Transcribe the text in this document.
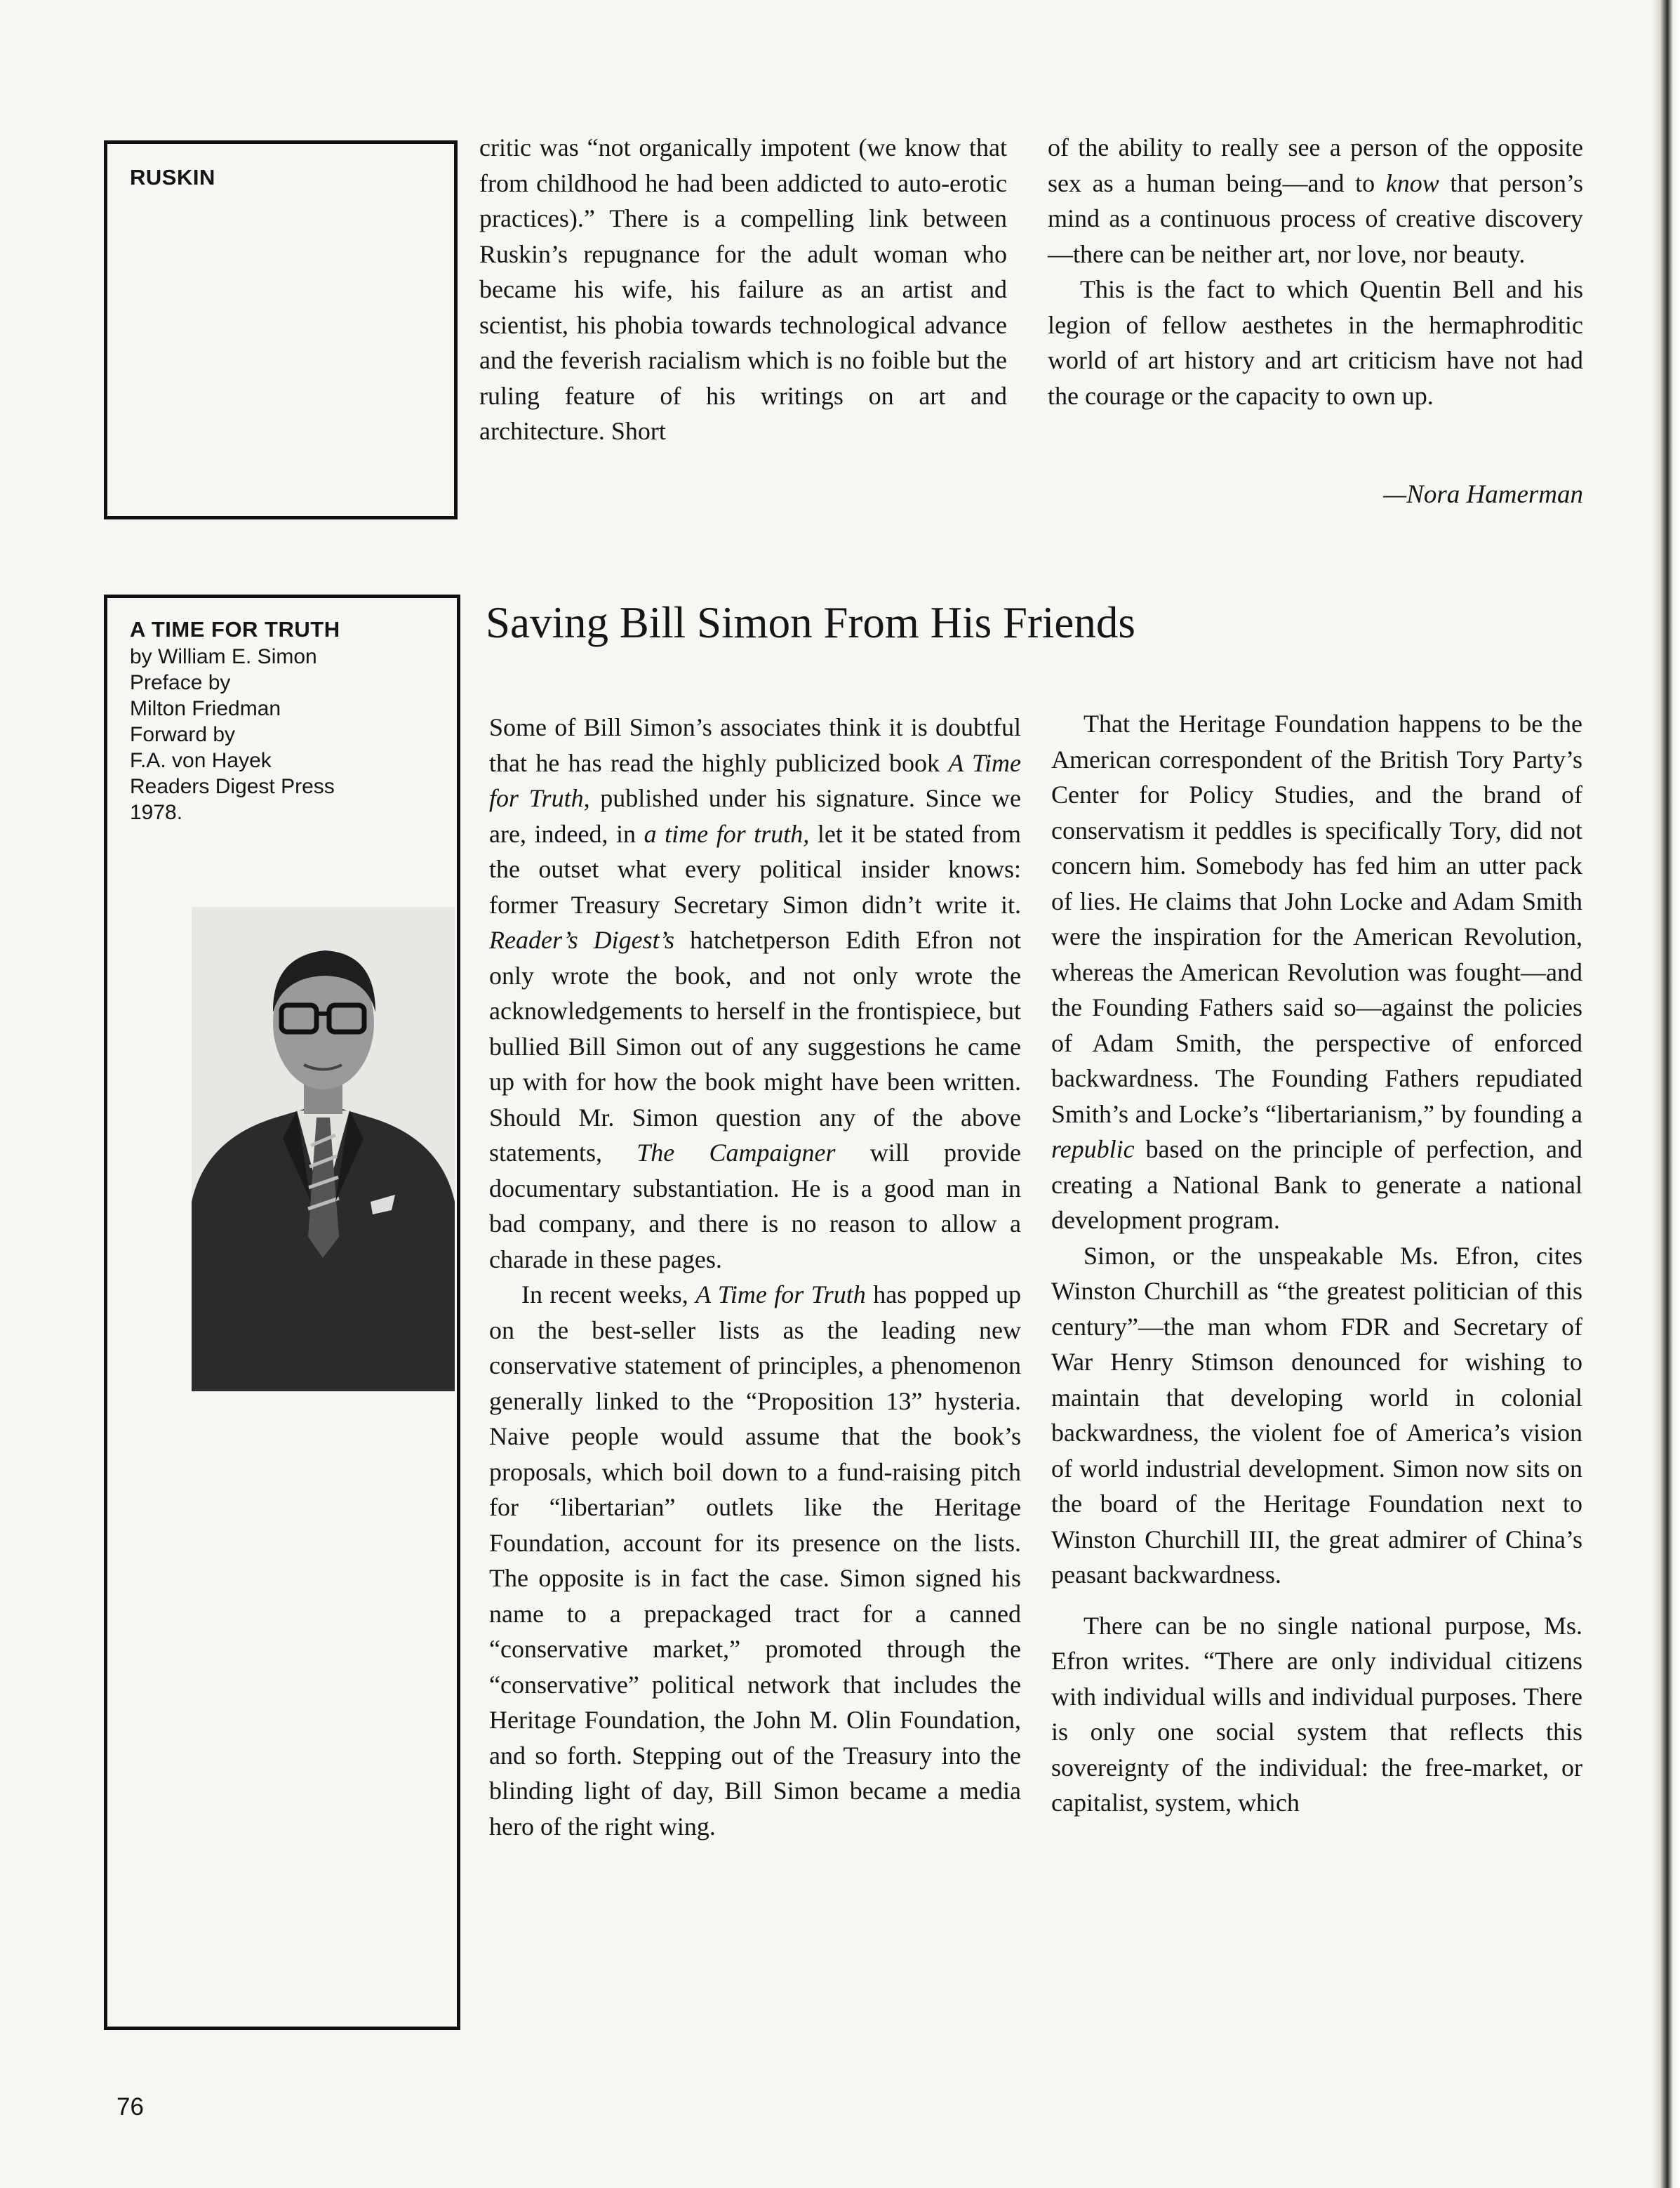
RUSKIN

critic was “not organically impotent (we know that from childhood he had been addicted to auto-erotic practices).” There is a compelling link between Ruskin’s repugnance for the adult woman who became his wife, his failure as an artist and scientist, his phobia towards technological advance and the feverish racialism which is no foible but the ruling feature of his writings on art and architecture. Short

of the ability to really see a person of the opposite sex as a human being—and to know that person’s mind as a continuous process of creative discovery—there can be neither art, nor love, nor beauty.

This is the fact to which Quentin Bell and his legion of fellow aesthetes in the hermaphroditic world of art history and art criticism have not had the courage or the capacity to own up.

—Nora Hamerman
A TIME FOR TRUTH
by William E. Simon
Preface by
Milton Friedman
Forward by
F.A. von Hayek
Readers Digest Press
1978.
Saving Bill Simon From His Friends

Some of Bill Simon’s associates think it is doubtful that he has read the highly publicized book A Time for Truth, published under his signature. Since we are, indeed, in a time for truth, let it be stated from the outset what every political insider knows: former Treasury Secretary Simon didn’t write it. Reader’s Digest’s hatchetperson Edith Efron not only wrote the book, and not only wrote the acknowledgements to herself in the frontispiece, but bullied Bill Simon out of any suggestions he came up with for how the book might have been written. Should Mr. Simon question any of the above statements, The Campaigner will provide documentary substantiation. He is a good man in bad company, and there is no reason to allow a charade in these pages.

In recent weeks, A Time for Truth has popped up on the best-seller lists as the leading new conservative statement of principles, a phenomenon generally linked to the “Proposition 13” hysteria. Naive people would assume that the book’s proposals, which boil down to a fund-raising pitch for “libertarian” outlets like the Heritage Foundation, account for its presence on the lists. The opposite is in fact the case. Simon signed his name to a prepackaged tract for a canned “conservative market,” promoted through the “conservative” political network that includes the Heritage Foundation, the John M. Olin Foundation, and so forth. Stepping out of the Treasury into the blinding light of day, Bill Simon became a media hero of the right wing.

That the Heritage Foundation happens to be the American correspondent of the British Tory Party’s Center for Policy Studies, and the brand of conservatism it peddles is specifically Tory, did not concern him. Somebody has fed him an utter pack of lies. He claims that John Locke and Adam Smith were the inspiration for the American Revolution, whereas the American Revolution was fought—and the Founding Fathers said so—against the policies of Adam Smith, the perspective of enforced backwardness. The Founding Fathers repudiated Smith’s and Locke’s “libertarianism,” by founding a republic based on the principle of perfection, and creating a National Bank to generate a national development program.

Simon, or the unspeakable Ms. Efron, cites Winston Churchill as “the greatest politician of this century”—the man whom FDR and Secretary of War Henry Stimson denounced for wishing to maintain that developing world in colonial backwardness, the violent foe of America’s vision of world industrial development. Simon now sits on the board of the Heritage Foundation next to Winston Churchill III, the great admirer of China’s peasant backwardness.

There can be no single national purpose, Ms. Efron writes. “There are only individual citizens with individual wills and individual purposes. There is only one social system that reflects this sovereignty of the individual: the free-market, or capitalist, system, which

76
